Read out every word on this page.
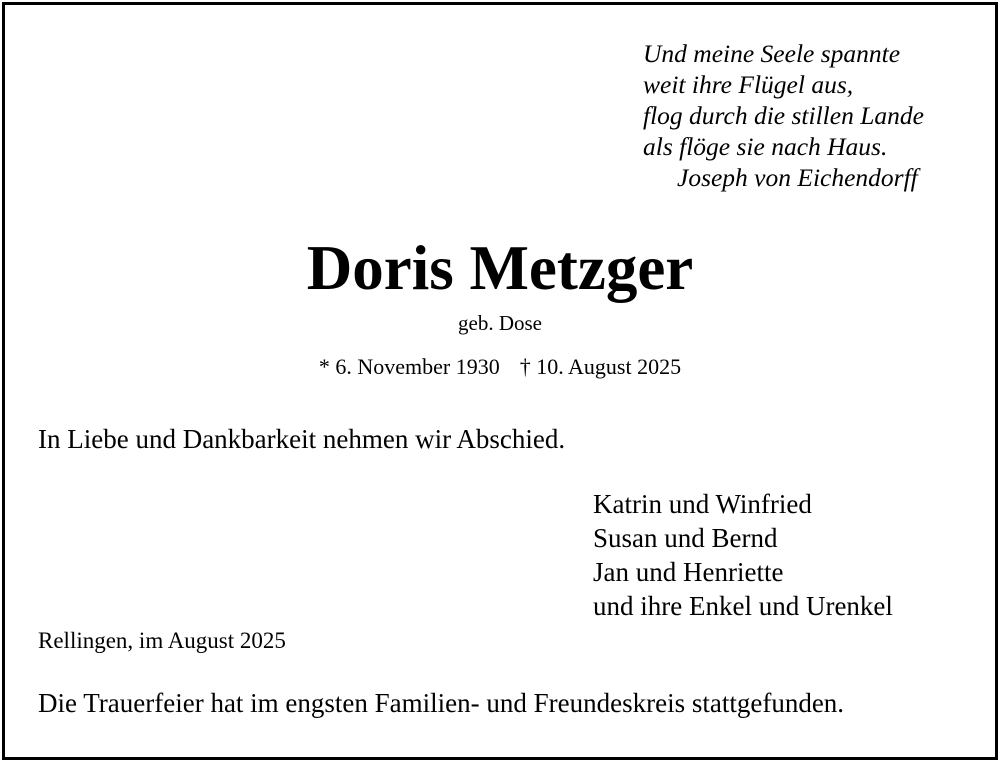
Und meine Seele spannte
weit ihre Flügel aus,
flog durch die stillen Lande
als flöge sie nach Haus.
Joseph von Eichendorff
Doris Metzger
geb. Dose
* 6. November 1930 † 10. August 2025
In Liebe und Dankbarkeit nehmen wir Abschied.
Katrin und Winfried
Susan und Bernd
Jan und Henriette
und ihre Enkel und Urenkel
Rellingen, im August 2025
Die Trauerfeier hat im engsten Familien- und Freundeskreis stattgefunden.
